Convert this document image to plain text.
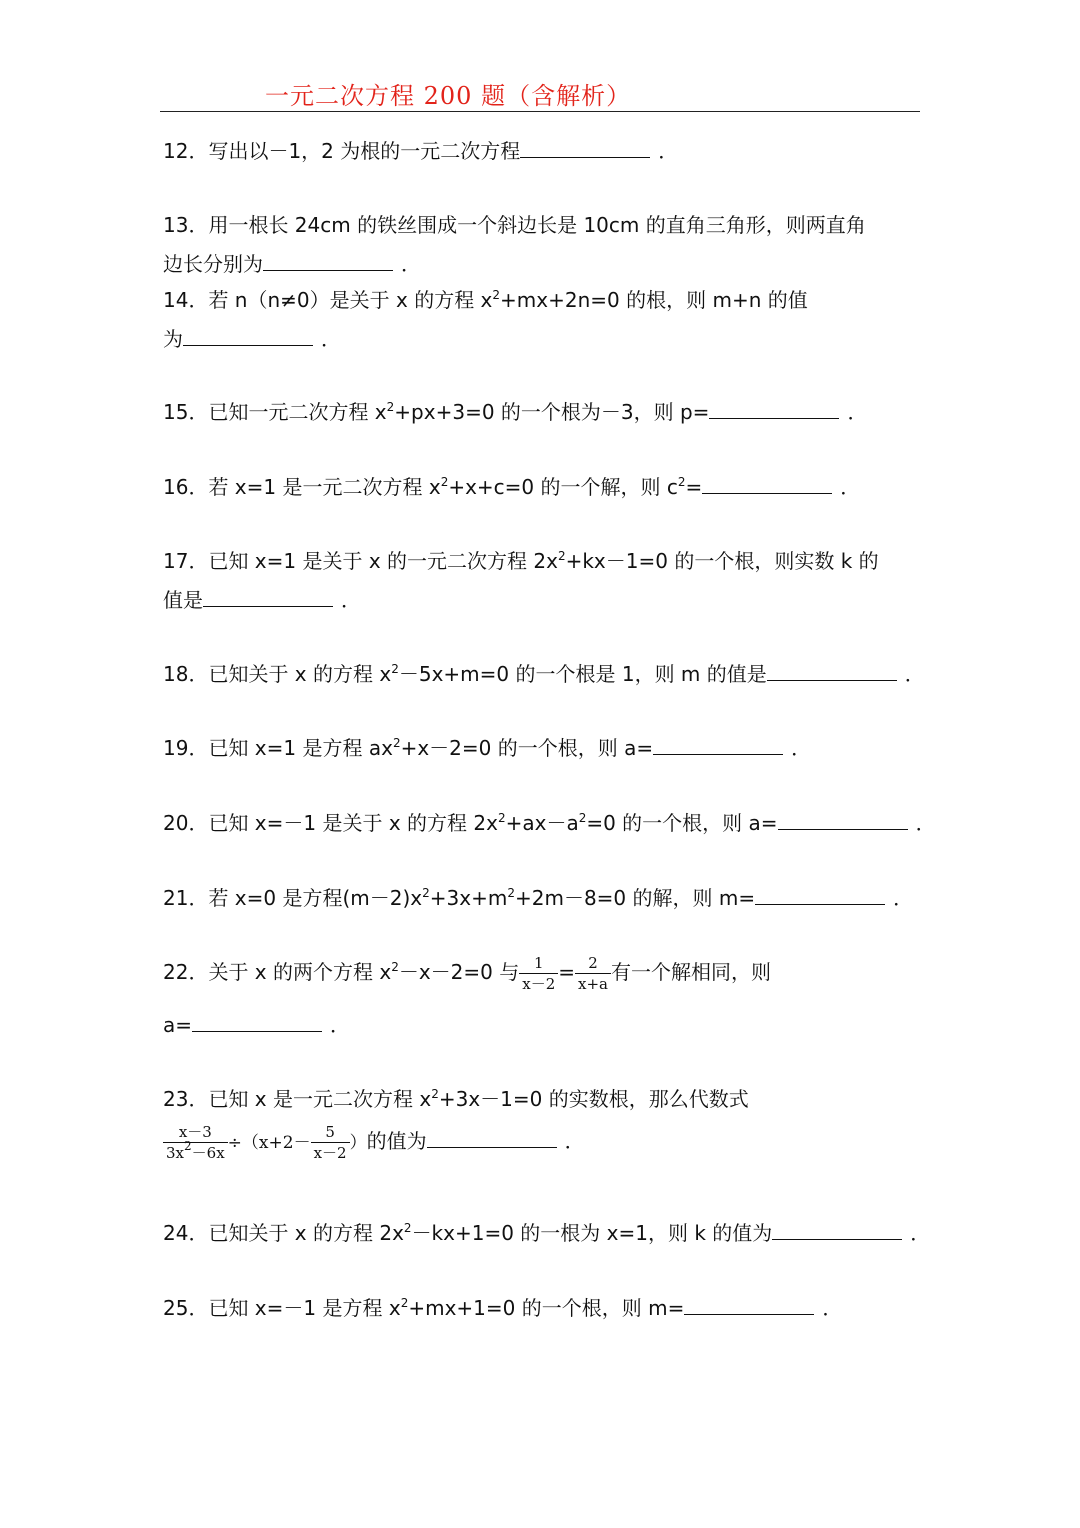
一元二次方程 200 题（含解析）
12．写出以－1，2 为根的一元二次方程	．
13．用一根长 24cm 的铁丝围成一个斜边长是 10cm 的直角三角形，则两直角
边长分别为	．
14．若 n（n≠0）是关于 x 的方程 $x^2+mx+2n=0$ 的根，则 m+n 的值
为	．
15．已知一元二次方程 $x^2+px+3=0$ 的一个根为－3，则 p=	．
16．若 x=1 是一元二次方程 $x^2+x+c=0$ 的一个解，则 $c^2=$	．
17．已知 x=1 是关于 x 的一元二次方程 $2x^2+kx-1=0$ 的一个根，则实数 k 的
值是	．
18．已知关于 x 的方程 $x^2-5x+m=0$ 的一个根是 1，则 m 的值是	．
19．已知 x=1 是方程 $ax^2+x-2=0$ 的一个根，则 a=	．
20．已知 x=－1 是关于 x 的方程 $2x^2+ax-a^2=0$ 的一个根，则 a=	．
21．若 x=0 是方程$(m-2)x^2+3x+m^2+2m-8=0$ 的解，则 m=	．
22．关于 x 的两个方程 $x^2-x-2=0$ 与 $\frac{1}{x-2} = \frac{2}{x+a}$ 有一个解相同，则
a=	．
23．已知 x 是一元二次方程 $x^2+3x-1=0$ 的实数根，那么代数式
$\frac{x-3}{3x^2-6x} \div(x+2- \frac{5}{x-2}$ ）的值为	．
24．已知关于 x 的方程 $2x^2-kx+1=0$ 的一根为 x=1，则 k 的值为	．
25．已知 x=－1 是方程 $x^2+mx+1=0$ 的一个根，则 m=	．
